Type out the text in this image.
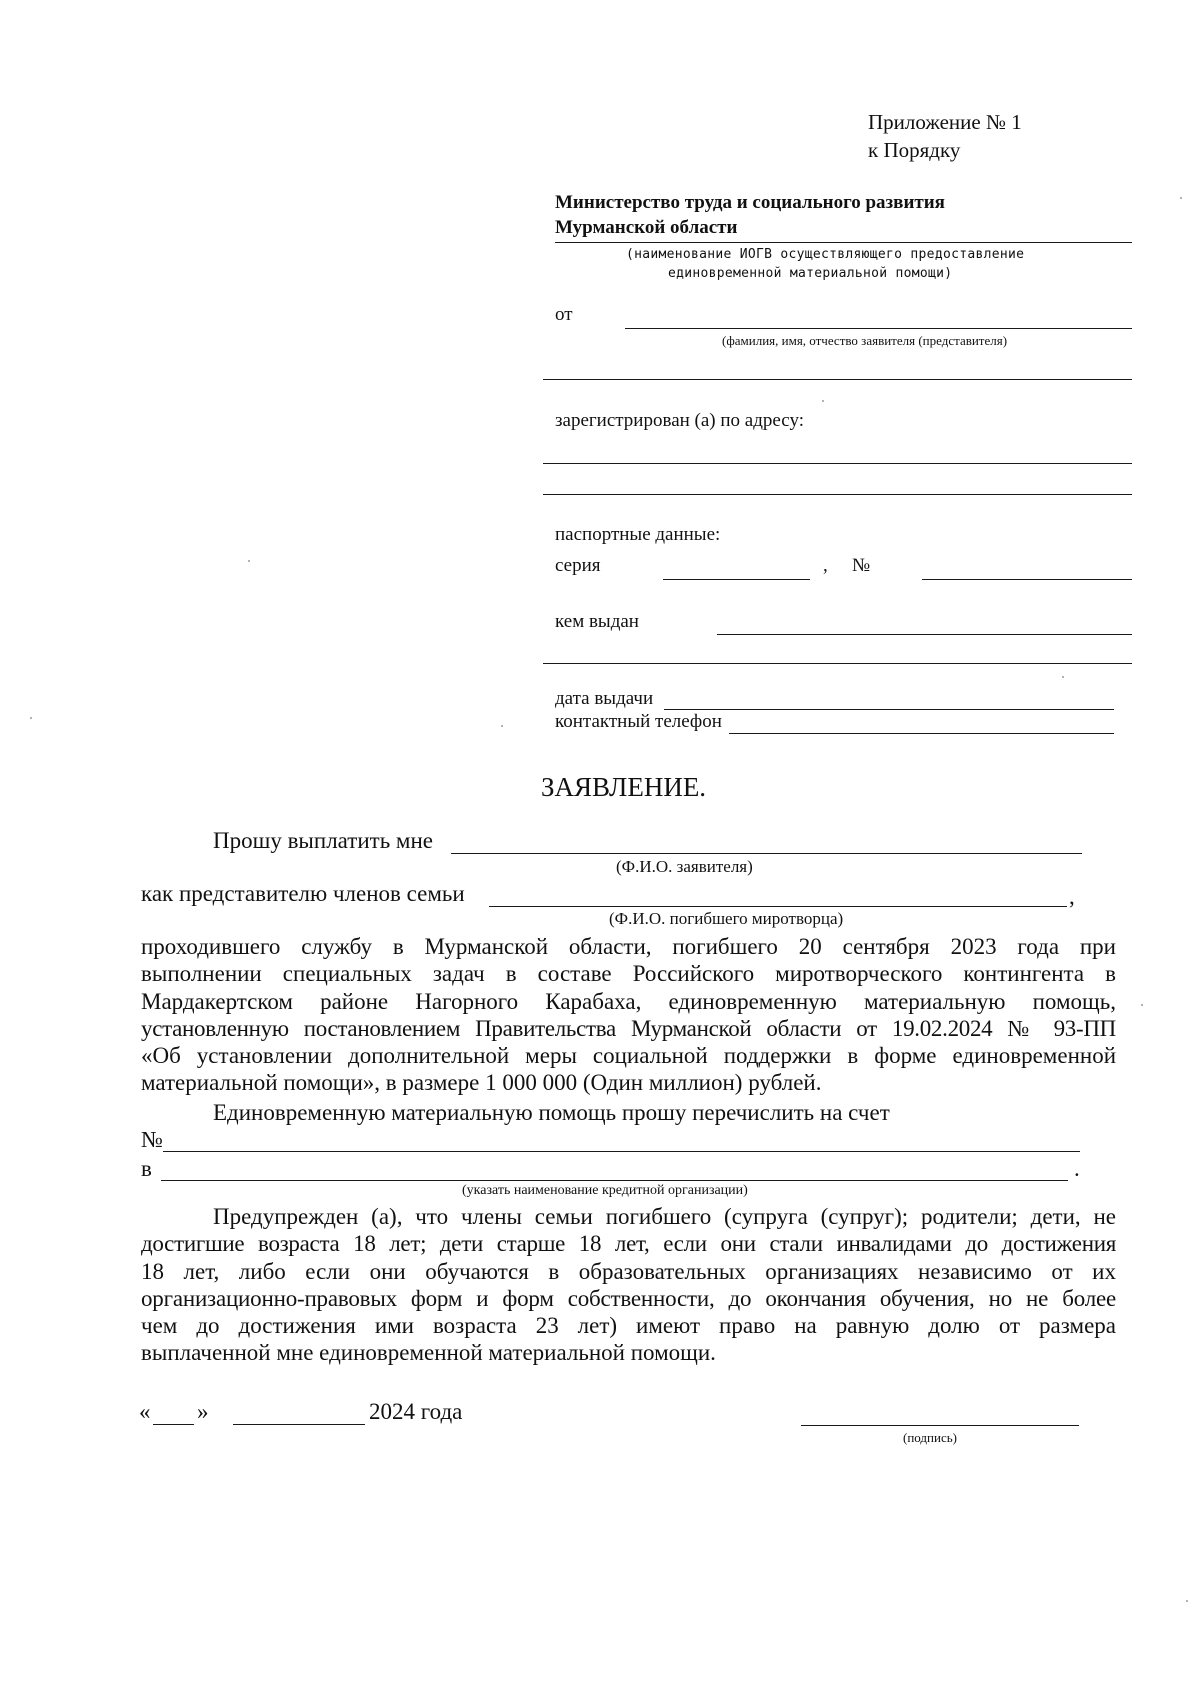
Приложение № 1
к Порядку
Министерство труда и социального развития
Мурманской области
(наименование ИОГВ осуществляющего предоставление
единовременной материальной помощи)
от
(фамилия, имя, отчество заявителя (представителя)
зарегистрирован (а) по адресу:
паспортные данные:
серия	, №
кем выдан
дата выдачи
контактный телефон
ЗАЯВЛЕНИЕ.
Прошу выплатить мне
(Ф.И.О. заявителя)
как представителю членов семьи	,
(Ф.И.О. погибшего миротворца)
проходившего службу в Мурманской области, погибшего 20 сентября 2023 года при
выполнении специальных задач в составе Российского миротворческого контингента в
Мардакертском районе Нагорного Карабаха, единовременную материальную помощь,
установленную постановлением Правительства Мурманской области от 19.02.2024 № 93-ПП
«Об установлении дополнительной меры социальной поддержки в форме единовременной
материальной помощи», в размере 1 000 000 (Один миллион) рублей.
Единовременную материальную помощь прошу перечислить на счет
№
в	.
(указать наименование кредитной организации)
Предупрежден (а), что члены семьи погибшего (супруга (супруг); родители; дети, не
достигшие возраста 18 лет; дети старше 18 лет, если они стали инвалидами до достижения
18 лет, либо если они обучаются в образовательных организациях независимо от их
организационно-правовых форм и форм собственности, до окончания обучения, но не более
чем до достижения ими возраста 23 лет) имеют право на равную долю от размера
выплаченной мне единовременной материальной помощи.
« »	2024 года
(подпись)
